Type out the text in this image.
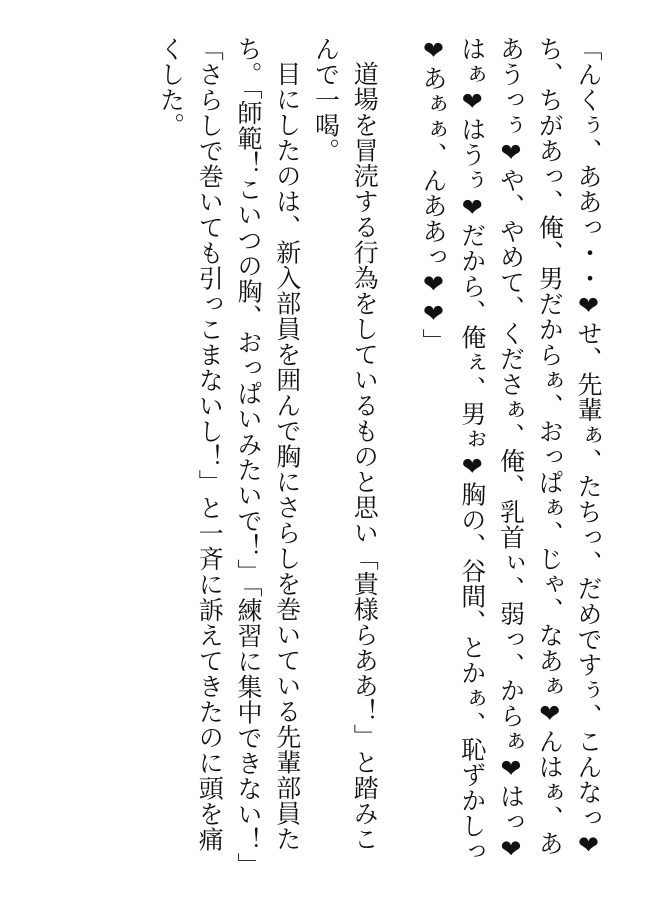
「んくぅ、ああっ・・❤せ、先輩ぁ、たちっ、だめですぅ、こんなっ❤ち、ちがあっ、俺、男だからぁ、おっぱぁ、じゃ、なあぁ❤んはぁ、ああうっぅ❤や、やめて、くださぁ、俺、乳首ぃ、弱っ、からぁ❤はっ❤はぁ❤はうぅ❤だから、俺ぇ、男ぉ❤胸の、谷間、とかぁ、恥ずかしっ❤あぁぁ、んああっ❤❤」

道場を冒涜する行為をしているものと思い「貴様らああ！」と踏みこんで一喝。

目にしたのは、新入部員を囲んで胸にさらしを巻いている先輩部員たち。「師範！こいつの胸、おっぱいみたいで！」「練習に集中できない！」「さらしで巻いても引っこまないし！」と一斉に訴えてきたのに頭を痛くした。
